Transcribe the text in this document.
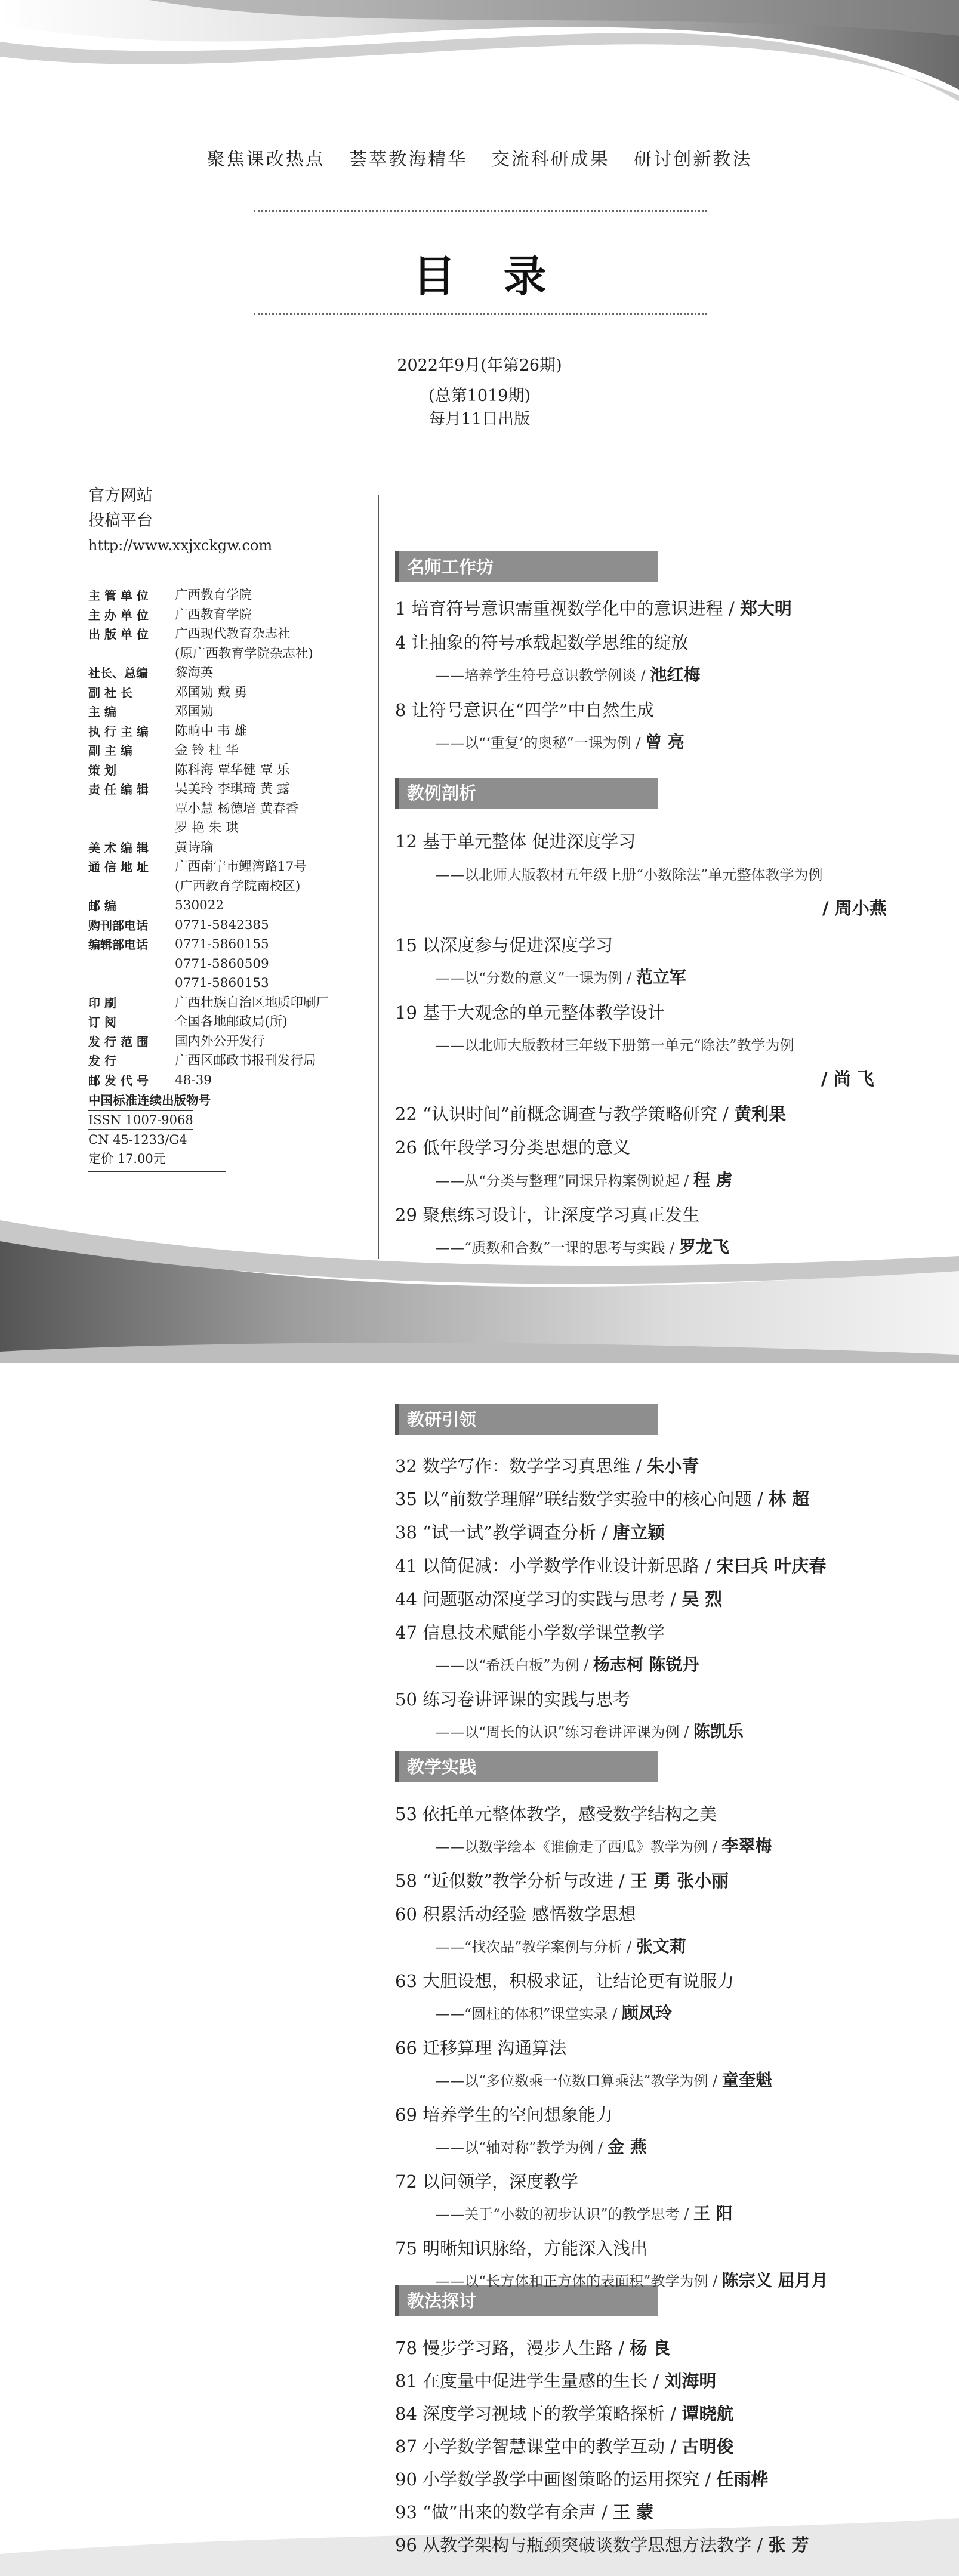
聚焦课改热点 荟萃教海精华 交流科研成果 研讨创新教法
目录
2022年9月(年第26期)
(总第1019期)
每月11日出版
官方网站
投稿平台
http://www.xxjxckgw.com
主 管 单 位	广西教育学院
主 办 单 位	广西教育学院
出 版 单 位	广西现代教育杂志社
(原广西教育学院杂志社)
社长、总编	黎海英
副 社 长	邓国勋 戴 勇
主 编	邓国勋
执 行 主 编	陈晌中 韦 雄
副 主 编	金 铃 杜 华
策 划	陈科海 覃华健 覃 乐
责 任 编 辑	吴美玲 李琪琦 黄 露
覃小慧 杨德培 黄春香
罗 艳 朱 珙
美 术 编 辑	黄诗瑜
通 信 地 址	广西南宁市鲤湾路17号
(广西教育学院南校区)
邮 编	530022
购刊部电话	0771-5842385
编辑部电话	0771-5860155
0771-5860509
0771-5860153
印 刷	广西壮族自治区地质印刷厂
订 阅	全国各地邮政局(所)
发 行 范 围	国内外公开发行
发 行	广西区邮政书报刊发行局
邮 发 代 号	48-39
中国标准连续出版物号
ISSN 1007-9068
CN 45-1233/G4
定价 17.00元
名师工作坊
教例剖析
教研引领
教学实践
教法探讨
1 培育符号意识需重视数学化中的意识进程 / 郑大明
4 让抽象的符号承载起数学思维的绽放
——培养学生符号意识教学例谈 / 池红梅
8 让符号意识在“四学”中自然生成
——以“‘重复’的奥秘”一课为例 / 曾 亮
12 基于单元整体 促进深度学习
——以北师大版教材五年级上册“小数除法”单元整体教学为例
/ 周小燕
15 以深度参与促进深度学习
——以“分数的意义”一课为例 / 范立军
19 基于大观念的单元整体教学设计
——以北师大版教材三年级下册第一单元“除法”教学为例
/ 尚 飞
22 “认识时间”前概念调查与教学策略研究 / 黄利果
26 低年段学习分类思想的意义
——从“分类与整理”同课异构案例说起 / 程 虏
29 聚焦练习设计，让深度学习真正发生
——“质数和合数”一课的思考与实践 / 罗龙飞
32 数学写作：数学学习真思维 / 朱小青
35 以“前数学理解”联结数学实验中的核心问题 / 林 超
38 “试一试”教学调查分析 / 唐立颖
41 以简促减：小学数学作业设计新思路 / 宋曰兵 叶庆春
44 问题驱动深度学习的实践与思考 / 吴 烈
47 信息技术赋能小学数学课堂教学
——以“希沃白板”为例 / 杨志柯 陈锐丹
50 练习卷讲评课的实践与思考
——以“周长的认识”练习卷讲评课为例 / 陈凯乐
53 依托单元整体教学，感受数学结构之美
——以数学绘本《谁偷走了西瓜》教学为例 / 李翠梅
58 “近似数”教学分析与改进 / 王 勇 张小丽
60 积累活动经验 感悟数学思想
——“找次品”教学案例与分析 / 张文莉
63 大胆设想，积极求证，让结论更有说服力
——“圆柱的体积”课堂实录 / 顾凤玲
66 迁移算理 沟通算法
——以“多位数乘一位数口算乘法”教学为例 / 童奎魁
69 培养学生的空间想象能力
——以“轴对称”教学为例 / 金 燕
72 以问领学，深度教学
——关于“小数的初步认识”的教学思考 / 王 阳
75 明晰知识脉络，方能深入浅出
——以“长方体和正方体的表面积”教学为例 / 陈宗义 屈月月
78 慢步学习路，漫步人生路 / 杨 良
81 在度量中促进学生量感的生长 / 刘海明
84 深度学习视域下的教学策略探析 / 谭晓航
87 小学数学智慧课堂中的教学互动 / 古明俊
90 小学数学教学中画图策略的运用探究 / 任雨桦
93 “做”出来的数学有余声 / 王 蒙
96 从教学架构与瓶颈突破谈数学思想方法教学 / 张 芳
